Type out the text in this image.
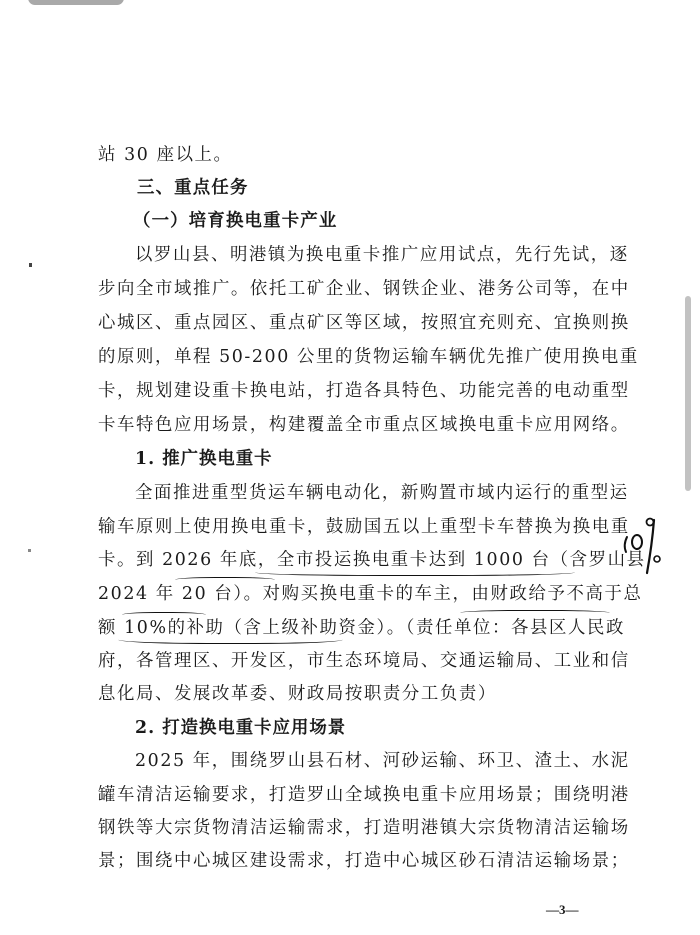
站 30 座以上。
三、重点任务
（一）培育换电重卡产业
以罗山县、明港镇为换电重卡推广应用试点，先行先试，逐
步向全市域推广。依托工矿企业、钢铁企业、港务公司等，在中
心城区、重点园区、重点矿区等区域，按照宜充则充、宜换则换
的原则，单程 50-200 公里的货物运输车辆优先推广使用换电重
卡，规划建设重卡换电站，打造各具特色、功能完善的电动重型
卡车特色应用场景，构建覆盖全市重点区域换电重卡应用网络。
1. 推广换电重卡
全面推进重型货运车辆电动化，新购置市域内运行的重型运
输车原则上使用换电重卡，鼓励国五以上重型卡车替换为换电重
卡。到 2026 年底，全市投运换电重卡达到 1000 台（含罗山县
2024 年 20 台）。对购买换电重卡的车主，由财政给予不高于总
额 10%的补助（含上级补助资金）。（责任单位：各县区人民政
府，各管理区、开发区，市生态环境局、交通运输局、工业和信
息化局、发展改革委、财政局按职责分工负责）
2. 打造换电重卡应用场景
2025 年，围绕罗山县石材、河砂运输、环卫、渣土、水泥
罐车清洁运输要求，打造罗山全域换电重卡应用场景；围绕明港
钢铁等大宗货物清洁运输需求，打造明港镇大宗货物清洁运输场
景；围绕中心城区建设需求，打造中心城区砂石清洁运输场景；
—3—
